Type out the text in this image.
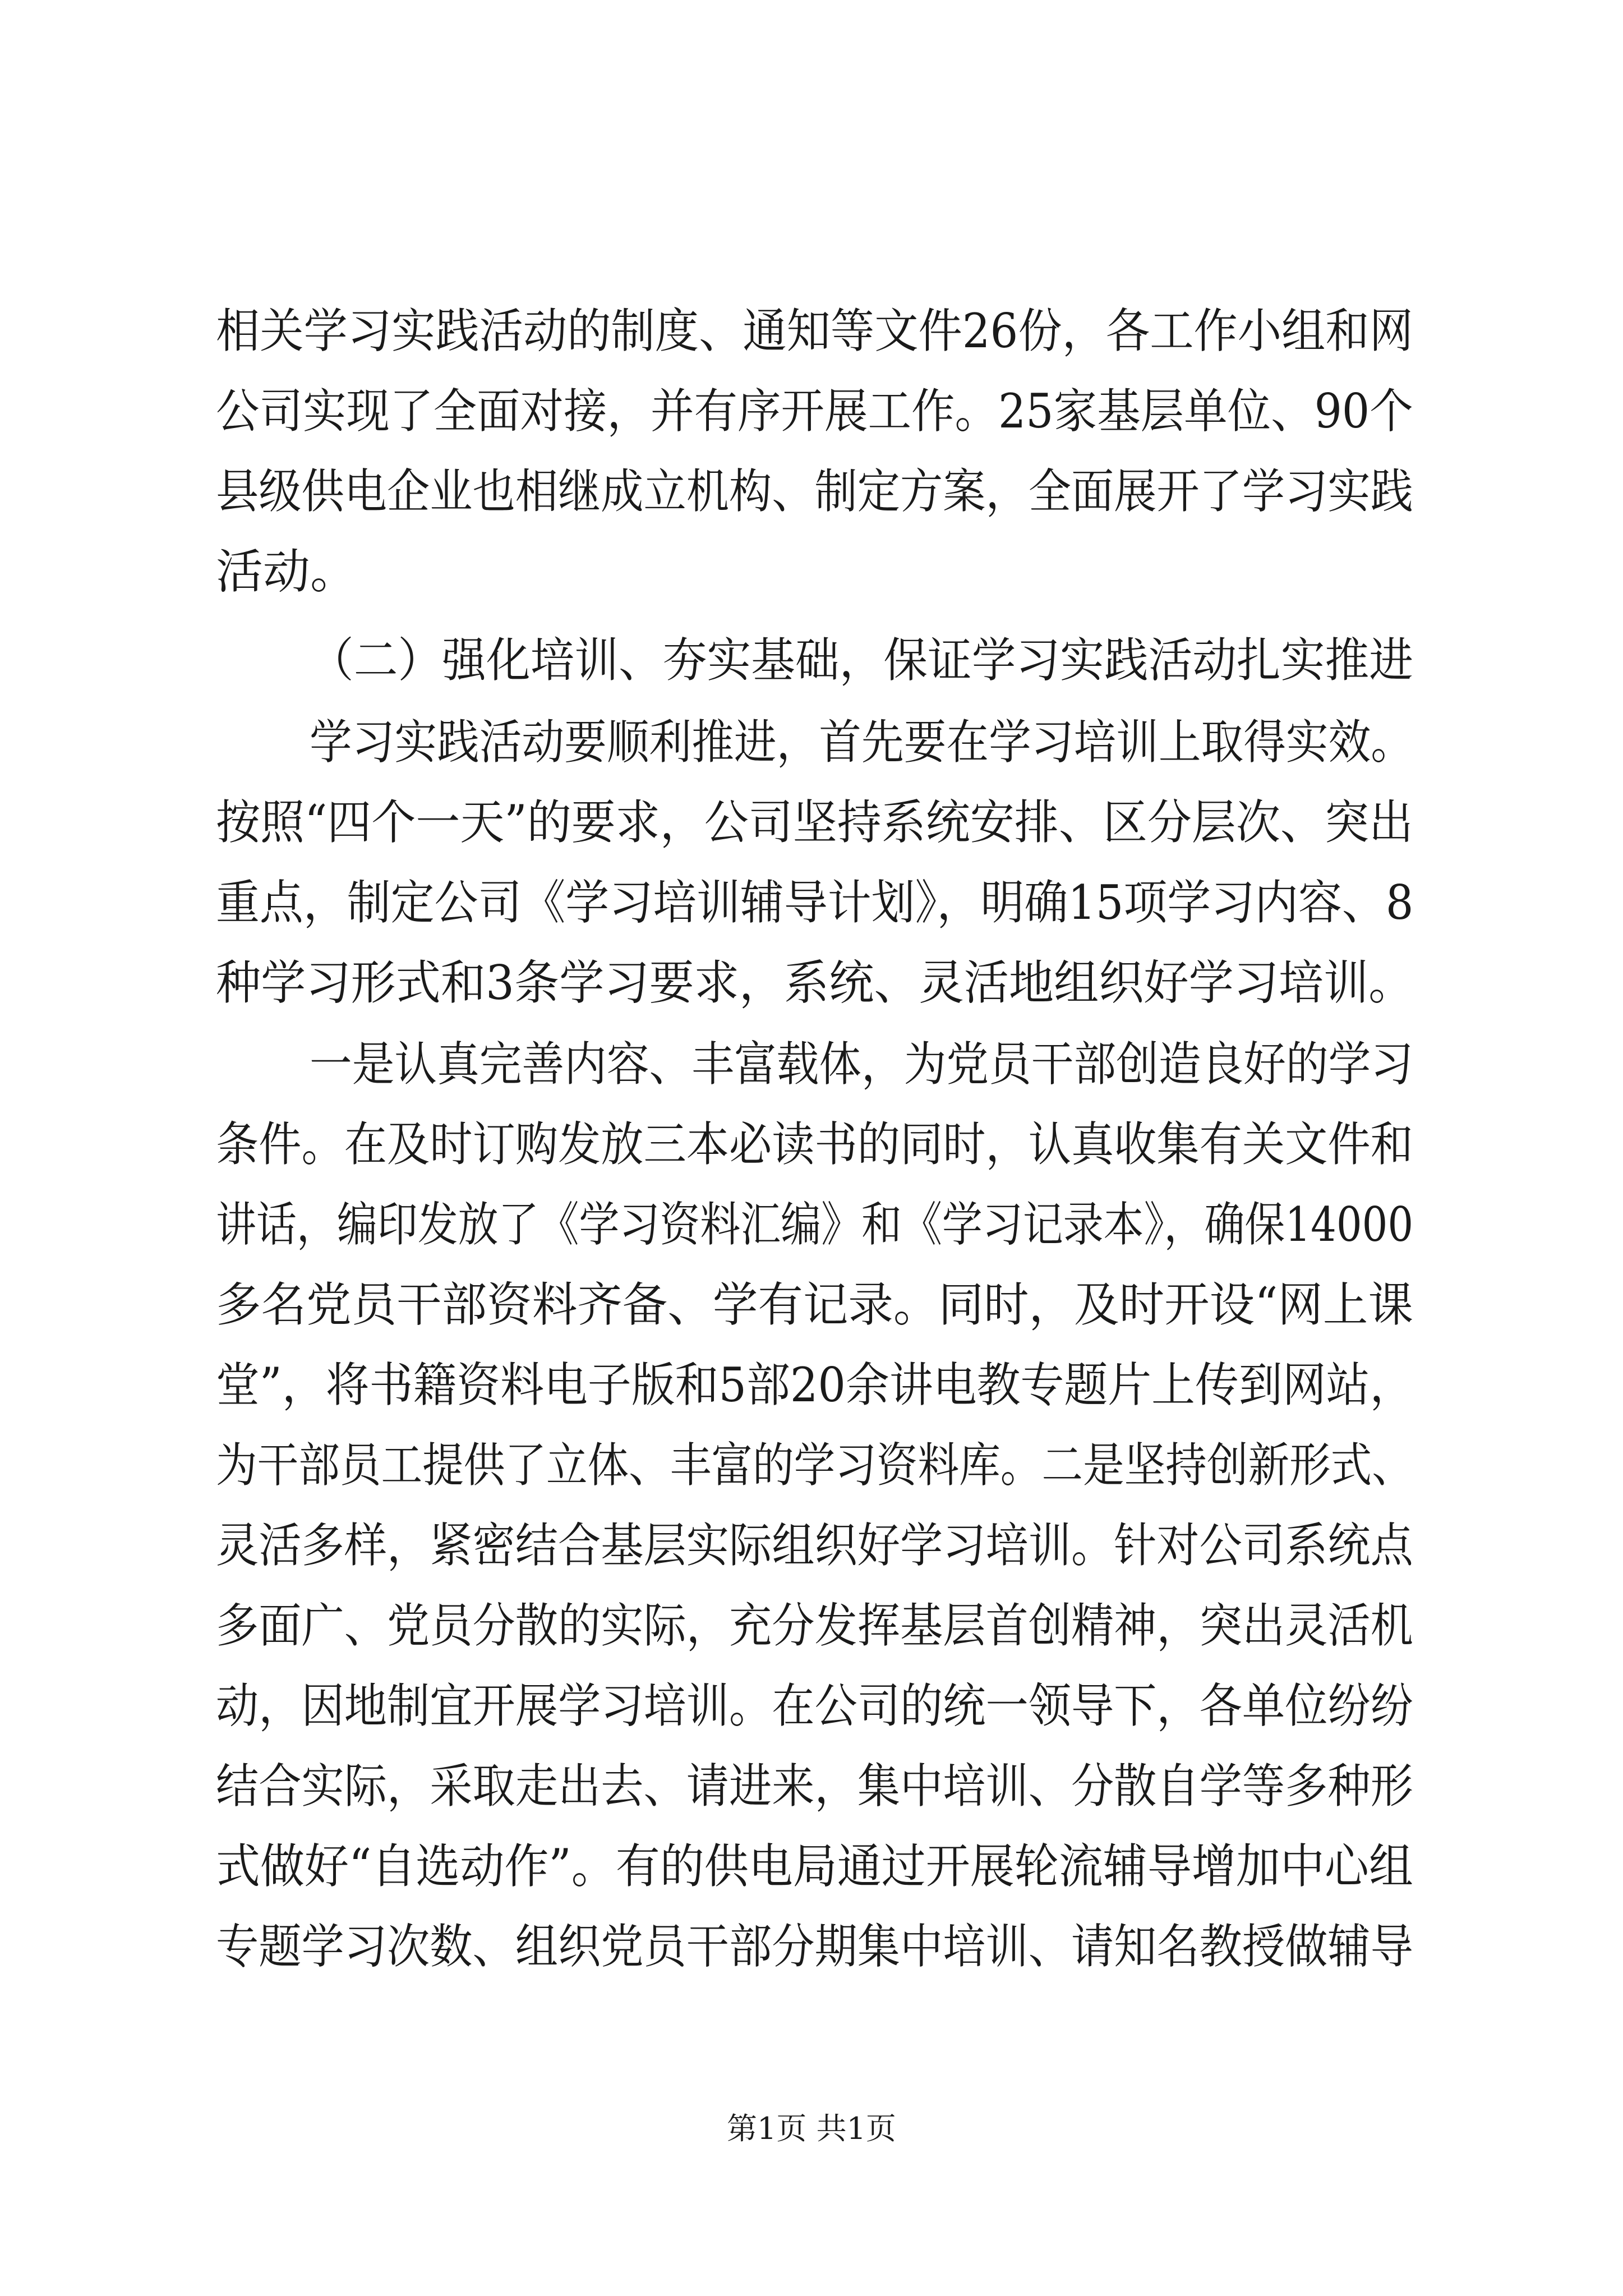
相关学习实践活动的制度、通知等文件26份，各工作小组和网
公司实现了全面对接，并有序开展工作。25家基层单位、90个
县级供电企业也相继成立机构、制定方案，全面展开了学习实践
活动。
（二）强化培训、夯实基础，保证学习实践活动扎实推进
学习实践活动要顺利推进，首先要在学习培训上取得实效。
按照“四个一天”的要求，公司坚持系统安排、区分层次、突出
重点，制定公司《学习培训辅导计划》，明确15项学习内容、8
种学习形式和3条学习要求，系统、灵活地组织好学习培训。
一是认真完善内容、丰富载体，为党员干部创造良好的学习
条件。在及时订购发放三本必读书的同时，认真收集有关文件和
讲话，编印发放了《学习资料汇编》和《学习记录本》，确保14000
多名党员干部资料齐备、学有记录。同时，及时开设“网上课
堂”，将书籍资料电子版和5部20余讲电教专题片上传到网站，
为干部员工提供了立体、丰富的学习资料库。二是坚持创新形式、
灵活多样，紧密结合基层实际组织好学习培训。针对公司系统点
多面广、党员分散的实际，充分发挥基层首创精神，突出灵活机
动，因地制宜开展学习培训。在公司的统一领导下，各单位纷纷
结合实际，采取走出去、请进来，集中培训、分散自学等多种形
式做好“自选动作”。有的供电局通过开展轮流辅导增加中心组
专题学习次数、组织党员干部分期集中培训、请知名教授做辅导
第1页 共1页
